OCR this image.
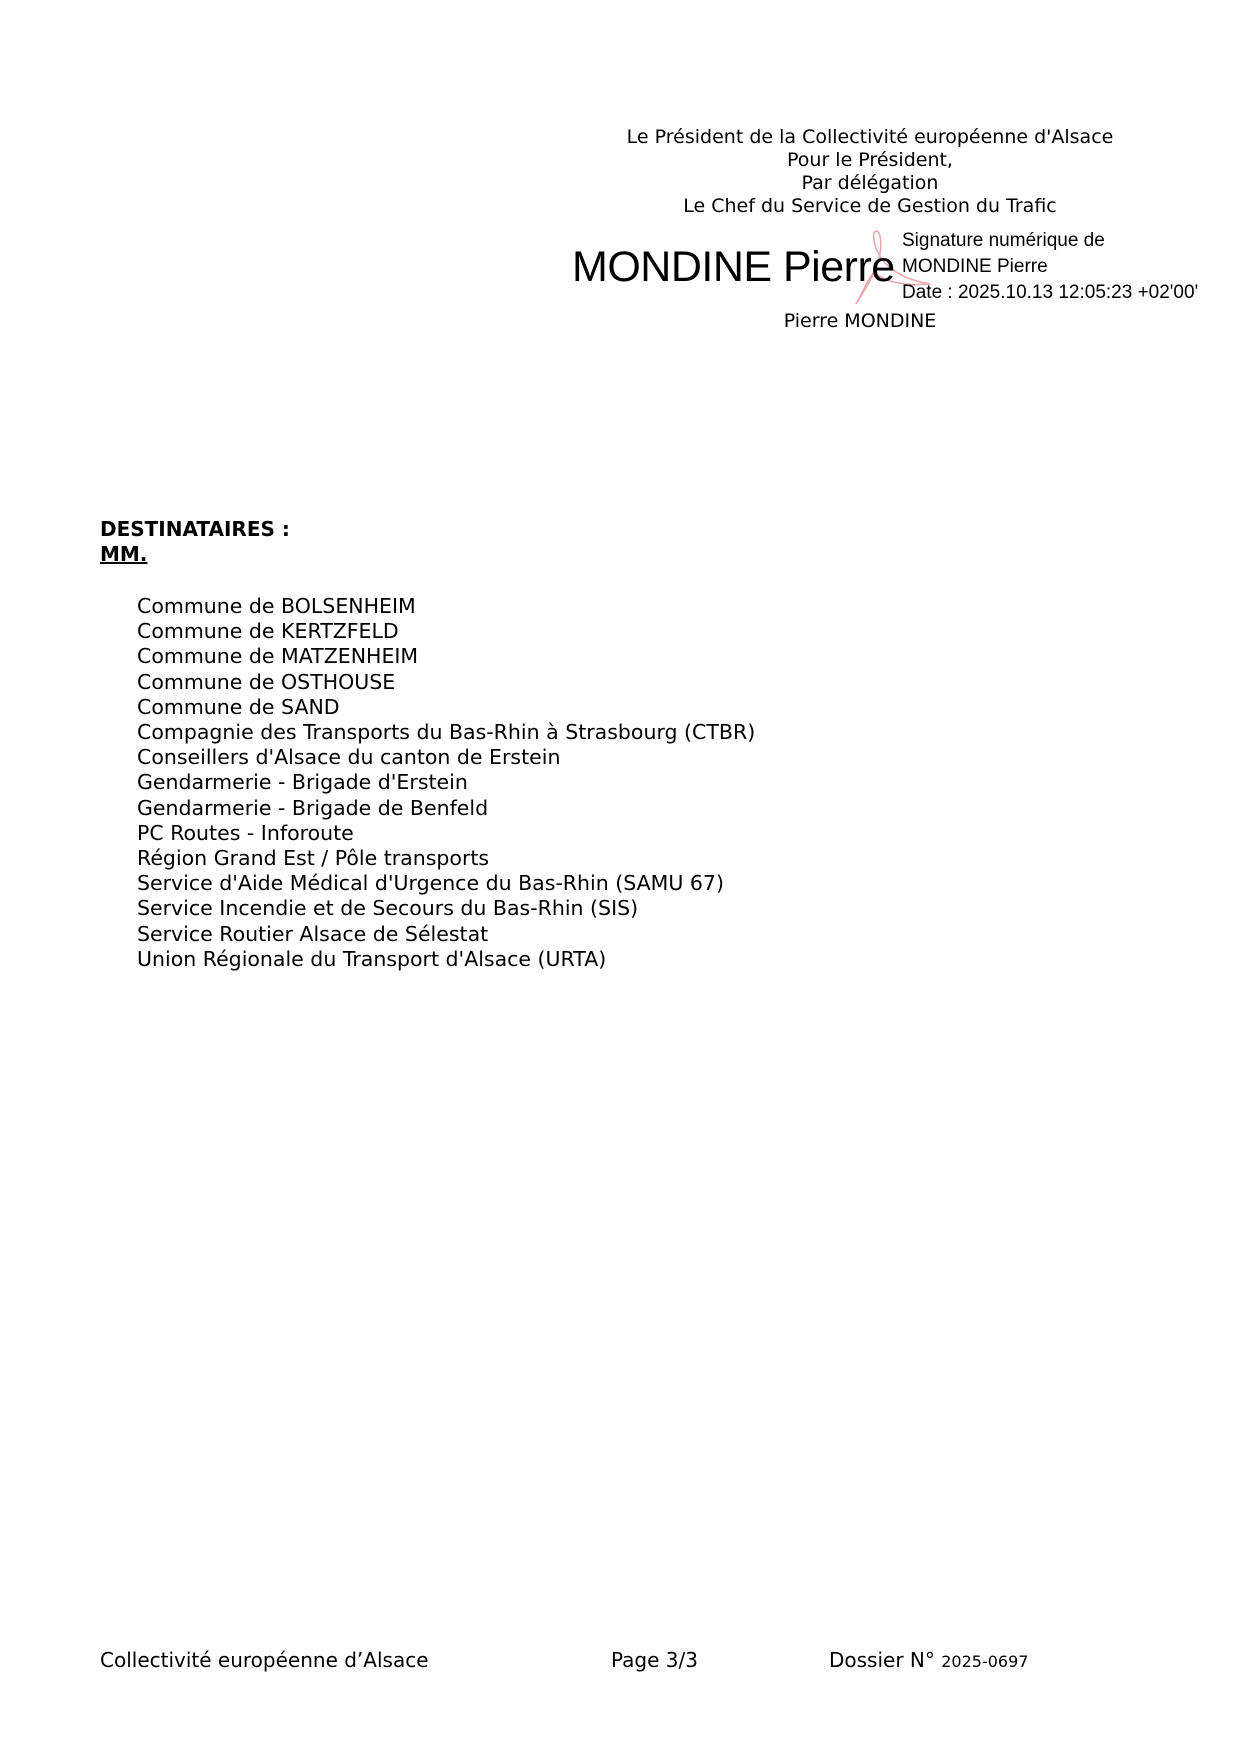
Le Président de la Collectivité européenne d'Alsace
Pour le Président,
Par délégation
Le Chef du Service de Gestion du Trafic
MONDINE Pierre
Signature numérique de
MONDINE Pierre
Date : 2025.10.13 12:05:23 +02'00'
Pierre MONDINE
DESTINATAIRES :
MM.
Commune de BOLSENHEIM
Commune de KERTZFELD
Commune de MATZENHEIM
Commune de OSTHOUSE
Commune de SAND
Compagnie des Transports du Bas-Rhin à Strasbourg (CTBR)
Conseillers d'Alsace du canton de Erstein
Gendarmerie - Brigade d'Erstein
Gendarmerie - Brigade de Benfeld
PC Routes - Inforoute
Région Grand Est / Pôle transports
Service d'Aide Médical d'Urgence du Bas-Rhin (SAMU 67)
Service Incendie et de Secours du Bas-Rhin (SIS)
Service Routier Alsace de Sélestat
Union Régionale du Transport d'Alsace (URTA)
Collectivité européenne d’Alsace	Page 3/3	Dossier N° 2025-0697
